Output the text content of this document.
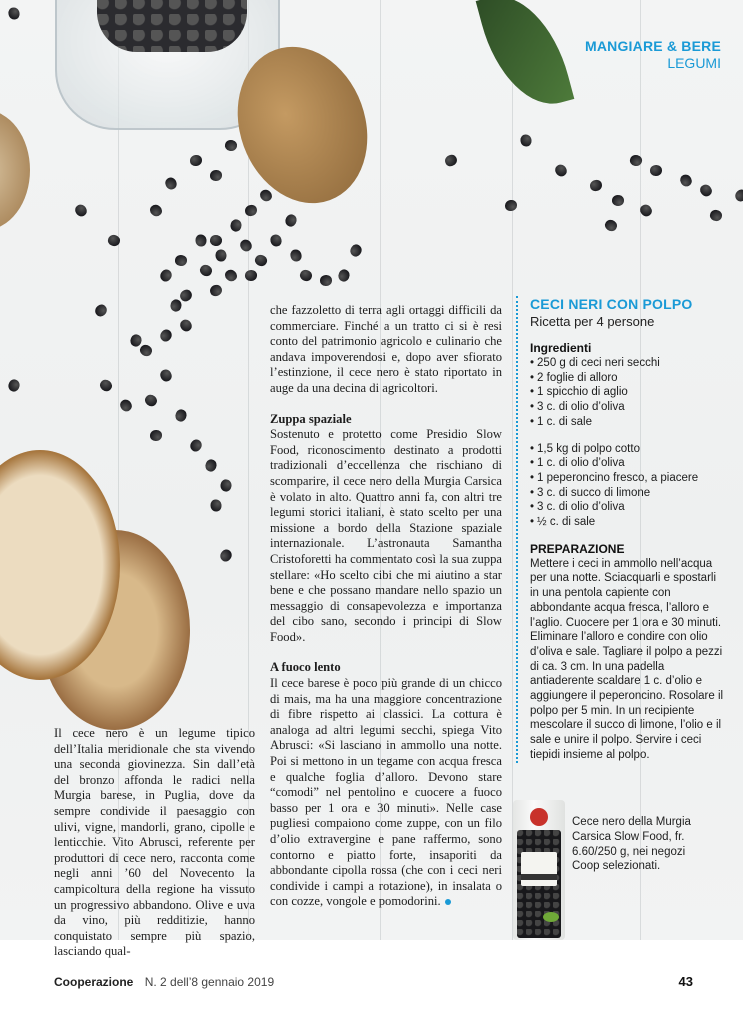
MANGIARE & BERE
LEGUMI

Il cece nero è un legume tipico dell’Italia meridionale che sta vivendo una seconda giovinezza. Sin dall’età del bronzo affonda le radici nella Murgia barese, in Puglia, dove da sempre condivide il paesaggio con ulivi, vigne, mandorli, grano, cipolle e lenticchie. Vito Abrusci, referente per produttori di cece nero, racconta come negli anni ’60 del Novecento la campicoltura della regione ha vissuto un progressivo abbandono. Olive e uva da vino, più redditizie, hanno conquistato sempre più spazio, lasciando qual-

che fazzoletto di terra agli ortaggi difficili da commerciare. Finché a un tratto ci si è resi conto del patrimonio agricolo e culinario che andava impoverendosi e, dopo aver sfiorato l’estinzione, il cece nero è stato riportato in auge da una decina di agricoltori.

Zuppa spaziale

Sostenuto e protetto come Presidio Slow Food, riconoscimento destinato a prodotti tradizionali d’eccellenza che rischiano di scomparire, il cece nero della Murgia Carsica è volato in alto. Quattro anni fa, con altri tre legumi storici italiani, è stato scelto per una missione a bordo della Stazione spaziale internazionale. L’astronauta Samantha Cristoforetti ha commentato così la sua zuppa stellare: «Ho scelto cibi che mi aiutino a star bene e che possano mandare nello spazio un messaggio di consapevolezza e importanza del cibo sano, secondo i principi di Slow Food».

A fuoco lento

Il cece barese è poco più grande di un chicco di mais, ma ha una maggiore concentrazione di fibre rispetto ai classici. La cottura è analoga ad altri legumi secchi, spiega Vito Abrusci: «Si lasciano in ammollo una notte. Poi si mettono in un tegame con acqua fresca e qualche foglia d’alloro. Devono stare “comodi” nel pentolino e cuocere a fuoco basso per 1 ora e 30 minuti». Nelle case pugliesi compaiono come zuppe, con un filo d’olio extravergine e pane raffermo, sono contorno e piatto forte, insaporiti da abbondante cipolla rossa (che con i ceci neri condivide i campi a rotazione), in insalata o con cozze, vongole e pomodorini.

CECI NERI CON POLPO
Ricetta per 4 persone
Ingredienti
• 250 g di ceci neri secchi
• 2 foglie di alloro
• 1 spicchio di aglio
• 3 c. di olio d’oliva
• 1 c. di sale
• 1,5 kg di polpo cotto
• 1 c. di olio d’oliva
• 1 peperoncino fresco, a piacere
• 3 c. di succo di limone
• 3 c. di olio d’oliva
• ½ c. di sale
PREPARAZIONE

Mettere i ceci in ammollo nell’acqua per una notte. Sciacquarli e spostarli in una pentola capiente con abbondante acqua fresca, l’alloro e l’aglio. Cuocere per 1 ora e 30 minuti. Eliminare l’alloro e condire con olio d’oliva e sale. Tagliare il polpo a pezzi di ca. 3 cm. In una padella antiaderente scaldare 1 c. d’olio e aggiungere il peperoncino. Rosolare il polpo per 5 min. In un recipiente mescolare il succo di limone, l’olio e il sale e unire il polpo. Servire i ceci tiepidi insieme al polpo.

Cece nero della Murgia Carsica Slow Food, fr. 6.60/250 g, nei negozi Coop selezionati.
Cooperazione N. 2 dell’8 gennaio 2019	43
